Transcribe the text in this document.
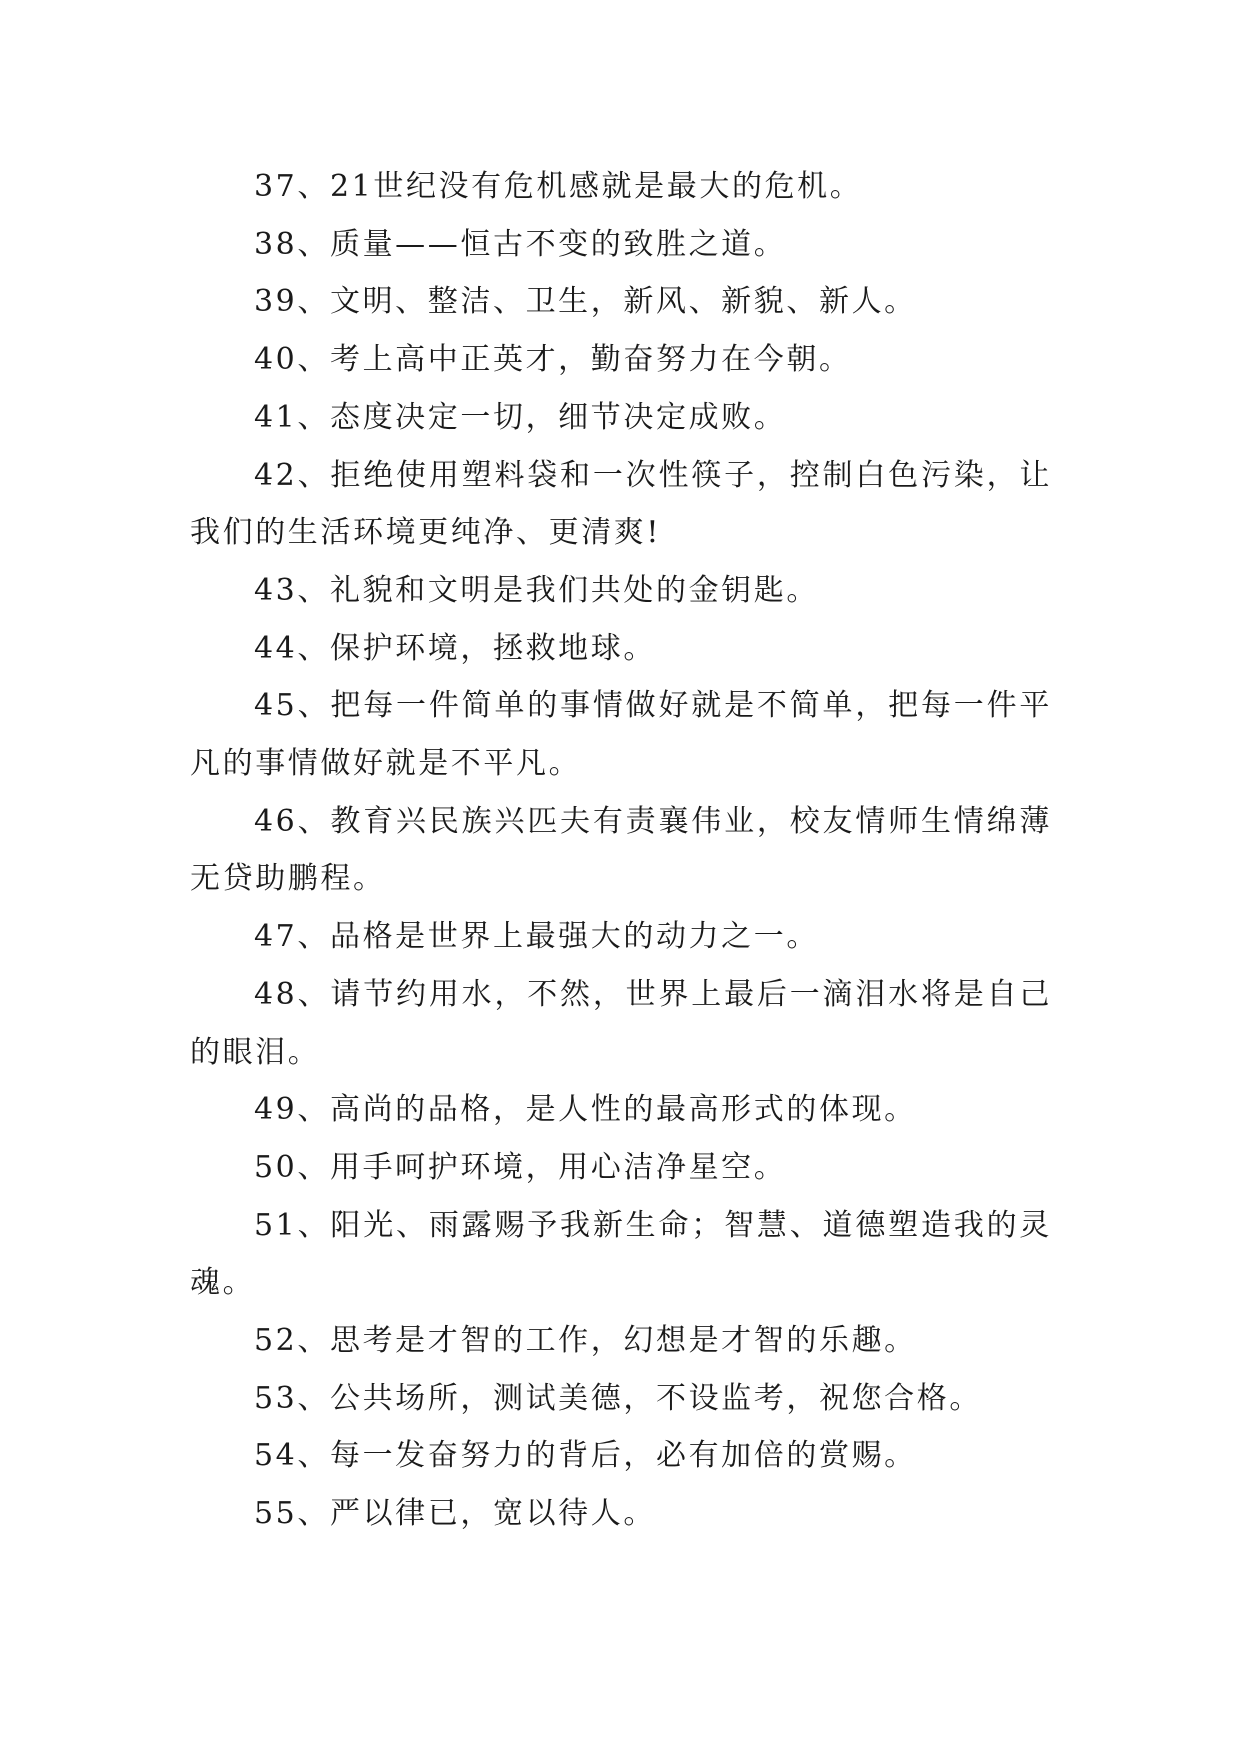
37、21世纪没有危机感就是最大的危机。

38、质量——恒古不变的致胜之道。

39、文明、整洁、卫生，新风、新貌、新人。

40、考上高中正英才，勤奋努力在今朝。

41、态度决定一切，细节决定成败。

42、拒绝使用塑料袋和一次性筷子，控制白色污染，让我们的生活环境更纯净、更清爽!

43、礼貌和文明是我们共处的金钥匙。

44、保护环境，拯救地球。

45、把每一件简单的事情做好就是不简单，把每一件平凡的事情做好就是不平凡。

46、教育兴民族兴匹夫有责襄伟业，校友情师生情绵薄无贷助鹏程。

47、品格是世界上最强大的动力之一。

48、请节约用水，不然，世界上最后一滴泪水将是自己的眼泪。

49、高尚的品格，是人性的最高形式的体现。

50、用手呵护环境，用心洁净星空。

51、阳光、雨露赐予我新生命；智慧、道德塑造我的灵魂。

52、思考是才智的工作，幻想是才智的乐趣。

53、公共场所，测试美德，不设监考，祝您合格。

54、每一发奋努力的背后，必有加倍的赏赐。

55、严以律已，宽以待人。
